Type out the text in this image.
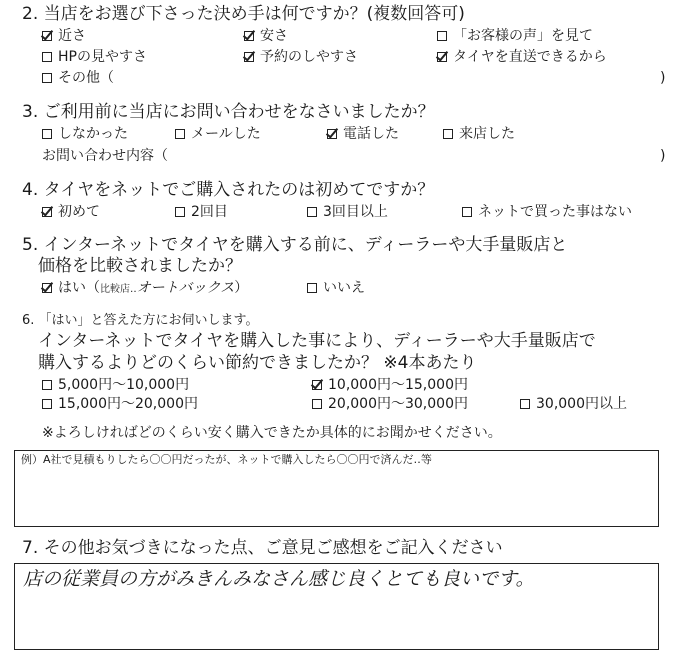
2. 当店をお選び下さった決め手は何ですか？(複数回答可)
近さ	安さ	「お客様の声」を見て
HPの見やすさ	予約のしやすさ	タイヤを直送できるから
その他（	)
3. ご利用前に当店にお問い合わせをなさいましたか？
しなかった	メールした	電話した	来店した
お問い合わせ内容（	)
4. タイヤをネットでご購入されたのは初めてですか？
初めて	2回目	3回目以上	ネットで買った事はない
5. インターネットでタイヤを購入する前に、ディーラーや大手量販店と
価格を比較されましたか？
はい（比較店‥オートバックス）	いいえ
6. 「はい」と答えた方にお伺いします。
インターネットでタイヤを購入した事により、ディーラーや大手量販店で
購入するよりどのくらい節約できましたか？ ※4本あたり
5,000円～10,000円	10,000円～15,000円
15,000円～20,000円	20,000円～30,000円	30,000円以上
※よろしければどのくらい安く購入できたか具体的にお聞かせください。
例）A社で見積もりしたら〇〇円だったが、ネットで購入したら〇〇円で済んだ‥等
7. その他お気づきになった点、ご意見ご感想をご記入ください
店の従業員の方がみきんみなさん感じ良くとても良いです。
